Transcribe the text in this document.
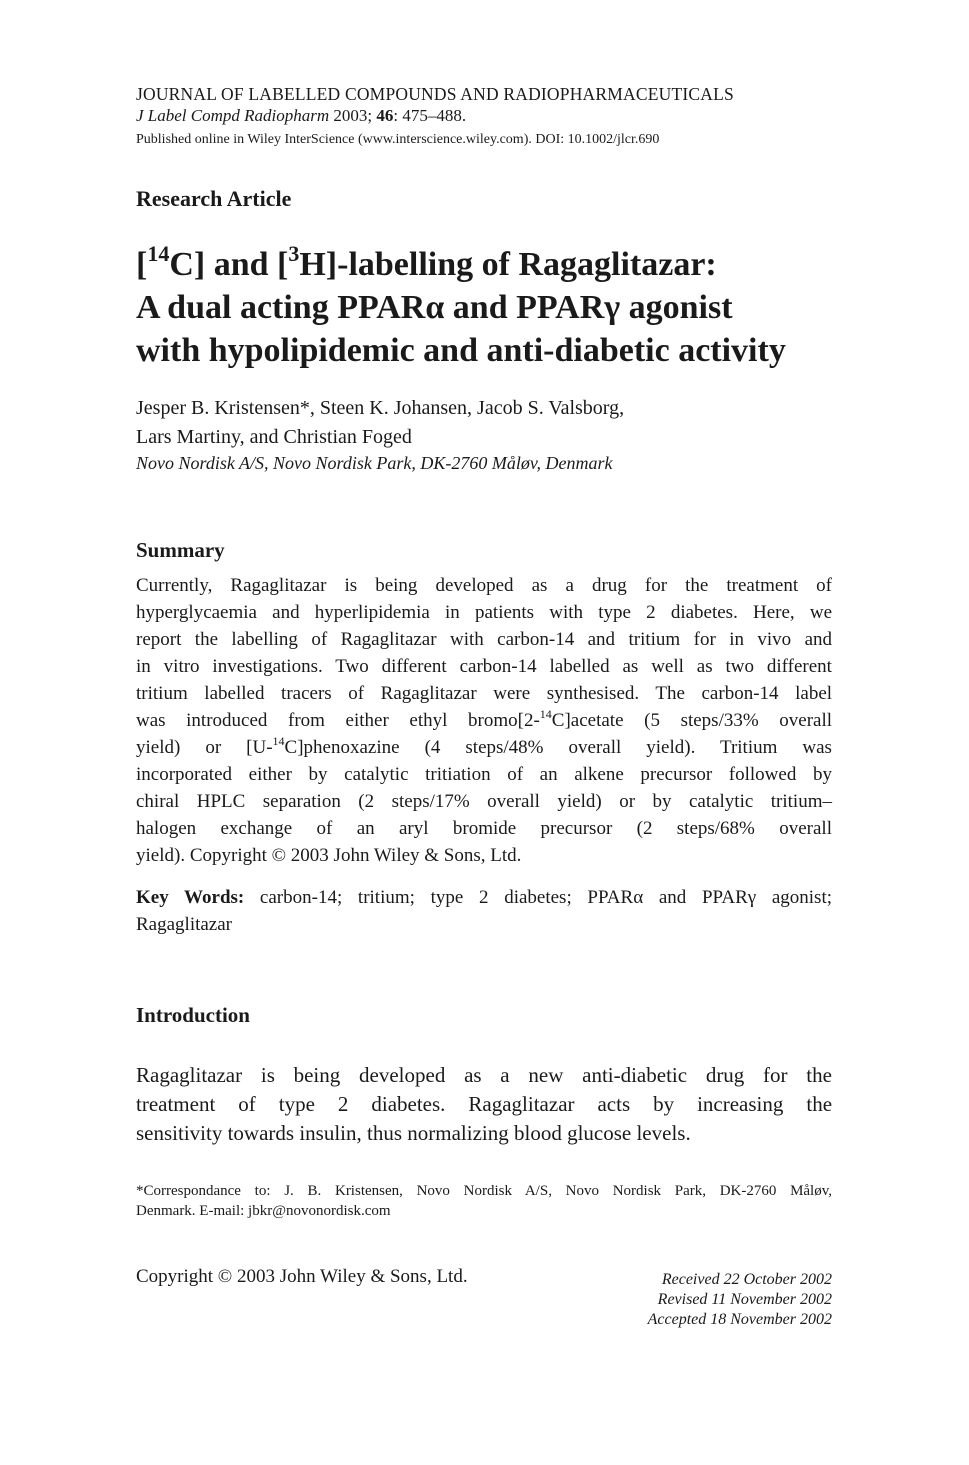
JOURNAL OF LABELLED COMPOUNDS AND RADIOPHARMACEUTICALS
J Label Compd Radiopharm 2003; 46: 475–488.
Published online in Wiley InterScience (www.interscience.wiley.com). DOI: 10.1002/jlcr.690
Research Article
[$^{14}$C] and [$^3$H]-labelling of Ragaglitazar:
A dual acting PPARα and PPARγ agonist
with hypolipidemic and anti-diabetic activity
Jesper B. Kristensen*, Steen K. Johansen, Jacob S. Valsborg,
Lars Martiny, and Christian Foged
Novo Nordisk A/S, Novo Nordisk Park, DK-2760 Måløv, Denmark
Summary
Currently, Ragaglitazar is being developed as a drug for the treatment of
hyperglycaemia and hyperlipidemia in patients with type 2 diabetes. Here, we
report the labelling of Ragaglitazar with carbon-14 and tritium for in vivo and
in vitro investigations. Two different carbon-14 labelled as well as two different
tritium labelled tracers of Ragaglitazar were synthesised. The carbon-14 label
was introduced from either ethyl bromo[2-$^{14}$C]acetate (5 steps/33% overall
yield) or [U-$^{14}$C]phenoxazine (4 steps/48% overall yield). Tritium was
incorporated either by catalytic tritiation of an alkene precursor followed by
chiral HPLC separation (2 steps/17% overall yield) or by catalytic tritium–
halogen exchange of an aryl bromide precursor (2 steps/68% overall
yield). Copyright © 2003 John Wiley & Sons, Ltd.
Key Words: carbon-14; tritium; type 2 diabetes; PPARα and PPARγ agonist;
Ragaglitazar
Introduction
Ragaglitazar is being developed as a new anti-diabetic drug for the
treatment of type 2 diabetes. Ragaglitazar acts by increasing the
sensitivity towards insulin, thus normalizing blood glucose levels.
*Correspondance to: J. B. Kristensen, Novo Nordisk A/S, Novo Nordisk Park, DK-2760 Måløv,
Denmark. E-mail: jbkr@novonordisk.com
Copyright © 2003 John Wiley & Sons, Ltd.	Received 22 October 2002
Revised 11 November 2002
Accepted 18 November 2002
